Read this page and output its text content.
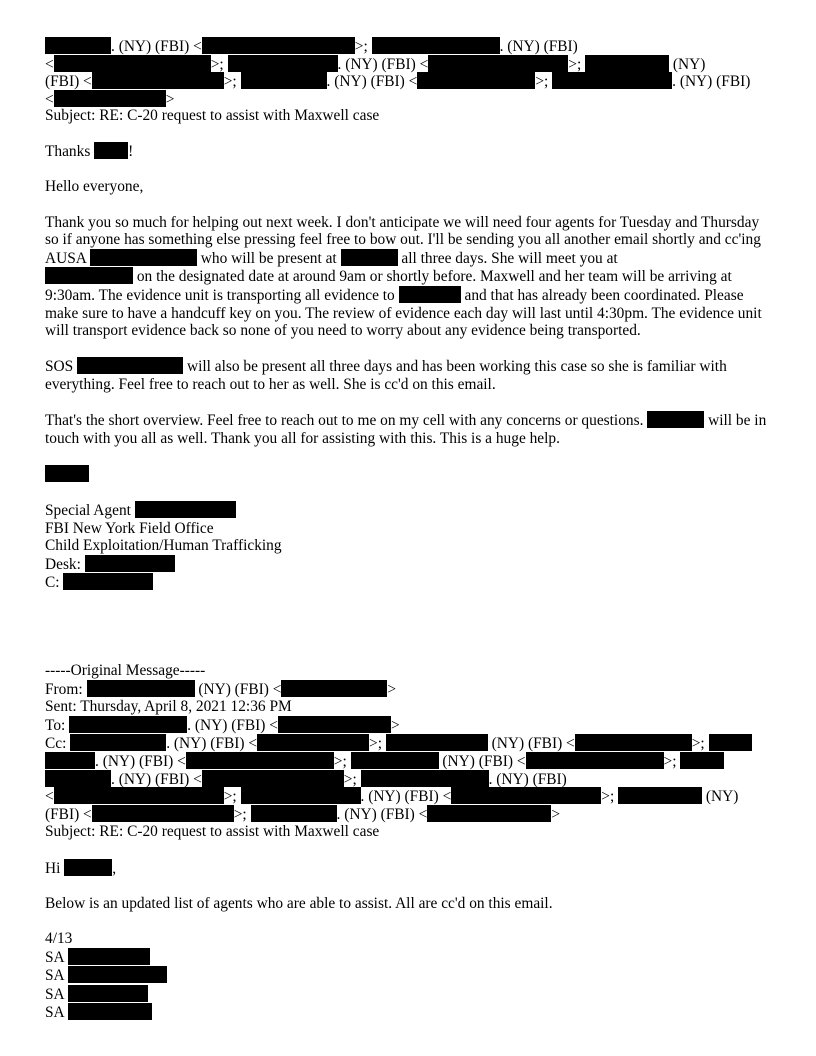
. (NY) (FBI) <	>;	. (NY) (FBI)
<	>;	. (NY) (FBI) <	>;	(NY)
(FBI) <	>;	. (NY) (FBI) <	>;	. (NY) (FBI)
<	>

Subject: RE: C-20 request to assist with Maxwell case

Thanks !

Hello everyone,

Thank you so much for helping out next week. I don't anticipate we will need four agents for Tuesday and Thursday so if anyone has something else pressing feel free to bow out. I'll be sending you all another email shortly and cc'ing AUSA	who will be present at	all three days. She will meet you at
on the designated date at around 9am or shortly before. Maxwell and her team will be arriving at 9:30am. The evidence unit is transporting all evidence to	and that has already been coordinated. Please make sure to have a handcuff key on you. The review of evidence each day will last until 4:30pm. The evidence unit will transport evidence back so none of you need to worry about any evidence being transported.

SOS	will also be present all three days and has been working this case so she is familiar with everything. Feel free to reach out to her as well. She is cc'd on this email.

That's the short overview. Feel free to reach out to me on my cell with any concerns or questions.	will be in touch with you all as well. Thank you all for assisting with this. This is a huge help.

Special Agent

FBI New York Field Office

Child Exploitation/Human Trafficking

Desk:

C:

-----Original Message-----

From:	(NY) (FBI) <	>

Sent: Thursday, April 8, 2021 12:36 PM

To:	. (NY) (FBI) <	>

Cc:	. (NY) (FBI) <	>;	(NY) (FBI) <	>;
. (NY) (FBI) <	>;	(NY) (FBI) <	>;
. (NY) (FBI) <	>;	. (NY) (FBI)
<	>;	. (NY) (FBI) <	>;	(NY)

(FBI) <	>;	. (NY) (FBI) <	>

Subject: RE: C-20 request to assist with Maxwell case

Hi	,

Below is an updated list of agents who are able to assist. All are cc'd on this email.

4/13

SA

SA

SA

SA
